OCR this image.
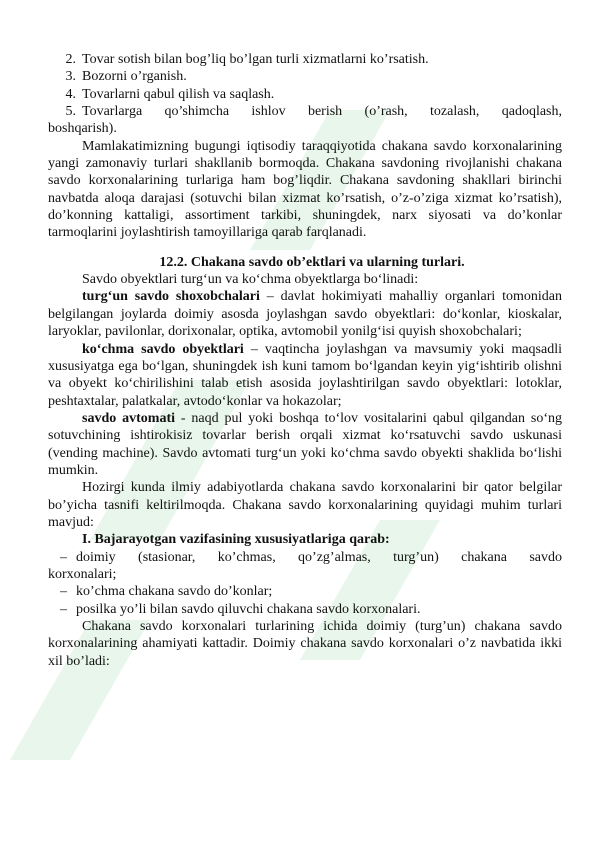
2. Tovar sotish bilan bog’liq bo’lgan turli xizmatlarni ko’rsatish.
3. Bozorni o’rganish.
4. Tovarlarni qabul qilish va saqlash.
5. Tovarlarga qo’shimcha ishlov berish (o’rash, tozalash, qadoqlash,
boshqarish).

Mamlakatimizning bugungi iqtisodiy taraqqiyotida chakana savdo korxonalarining yangi zamonaviy turlari shakllanib bormoqda. Chakana savdoning rivojlanishi chakana savdo korxonalarining turlariga ham bog’liqdir. Chakana savdoning shakllari birinchi navbatda aloqa darajasi (sotuvchi bilan xizmat ko’rsatish, o’z-o’ziga xizmat ko’rsatish), do’konning kattaligi, assortiment tarkibi, shuningdek, narx siyosati va do’konlar tarmoqlarini joylashtirish tamoyillariga qarab farqlanadi.

12.2. Chakana savdo ob’ektlari va ularning turlari.

Savdo obyektlari turg‘un va ko‘chma obyektlarga bo‘linadi:

turg‘un savdo shoxobchalari – davlat hokimiyati mahalliy organlari tomonidan belgilangan joylarda doimiy asosda joylashgan savdo obyektlari: do‘konlar, kioskalar, laryoklar, pavilonlar, dorixonalar, optika, avtomobil yonilg‘isi quyish shoxobchalari;

ko‘chma savdo obyektlari – vaqtincha joylashgan va mavsumiy yoki maqsadli xususiyatga ega bo‘lgan, shuningdek ish kuni tamom bo‘lgandan keyin yig‘ishtirib olishni va obyekt ko‘chirilishini talab etish asosida joylashtirilgan savdo obyektlari: lotoklar, peshtaxtalar, palatkalar, avtodo‘konlar va hokazolar;

savdo avtomati - naqd pul yoki boshqa to‘lov vositalarini qabul qilgandan so‘ng sotuvchining ishtirokisiz tovarlar berish orqali xizmat ko‘rsatuvchi savdo uskunasi (vending machine). Savdo avtomati turg‘un yoki ko‘chma savdo obyekti shaklida bo‘lishi mumkin.

Hozirgi kunda ilmiy adabiyotlarda chakana savdo korxonalarini bir qator belgilar bo’yicha tasnifi keltirilmoqda. Chakana savdo korxonalarining quyidagi muhim turlari mavjud:

I. Bajarayotgan vazifasining xususiyatlariga qarab:

– doimiy (stasionar, ko’chmas, qo’zg’almas, turg’un) chakana savdo
korxonalari;
– ko’chma chakana savdo do’konlar;
– posilka yo’li bilan savdo qiluvchi chakana savdo korxonalari.

Chakana savdo korxonalari turlarining ichida doimiy (turg’un) chakana savdo korxonalarining ahamiyati kattadir. Doimiy chakana savdo korxonalari o’z navbatida ikki xil bo’ladi:
